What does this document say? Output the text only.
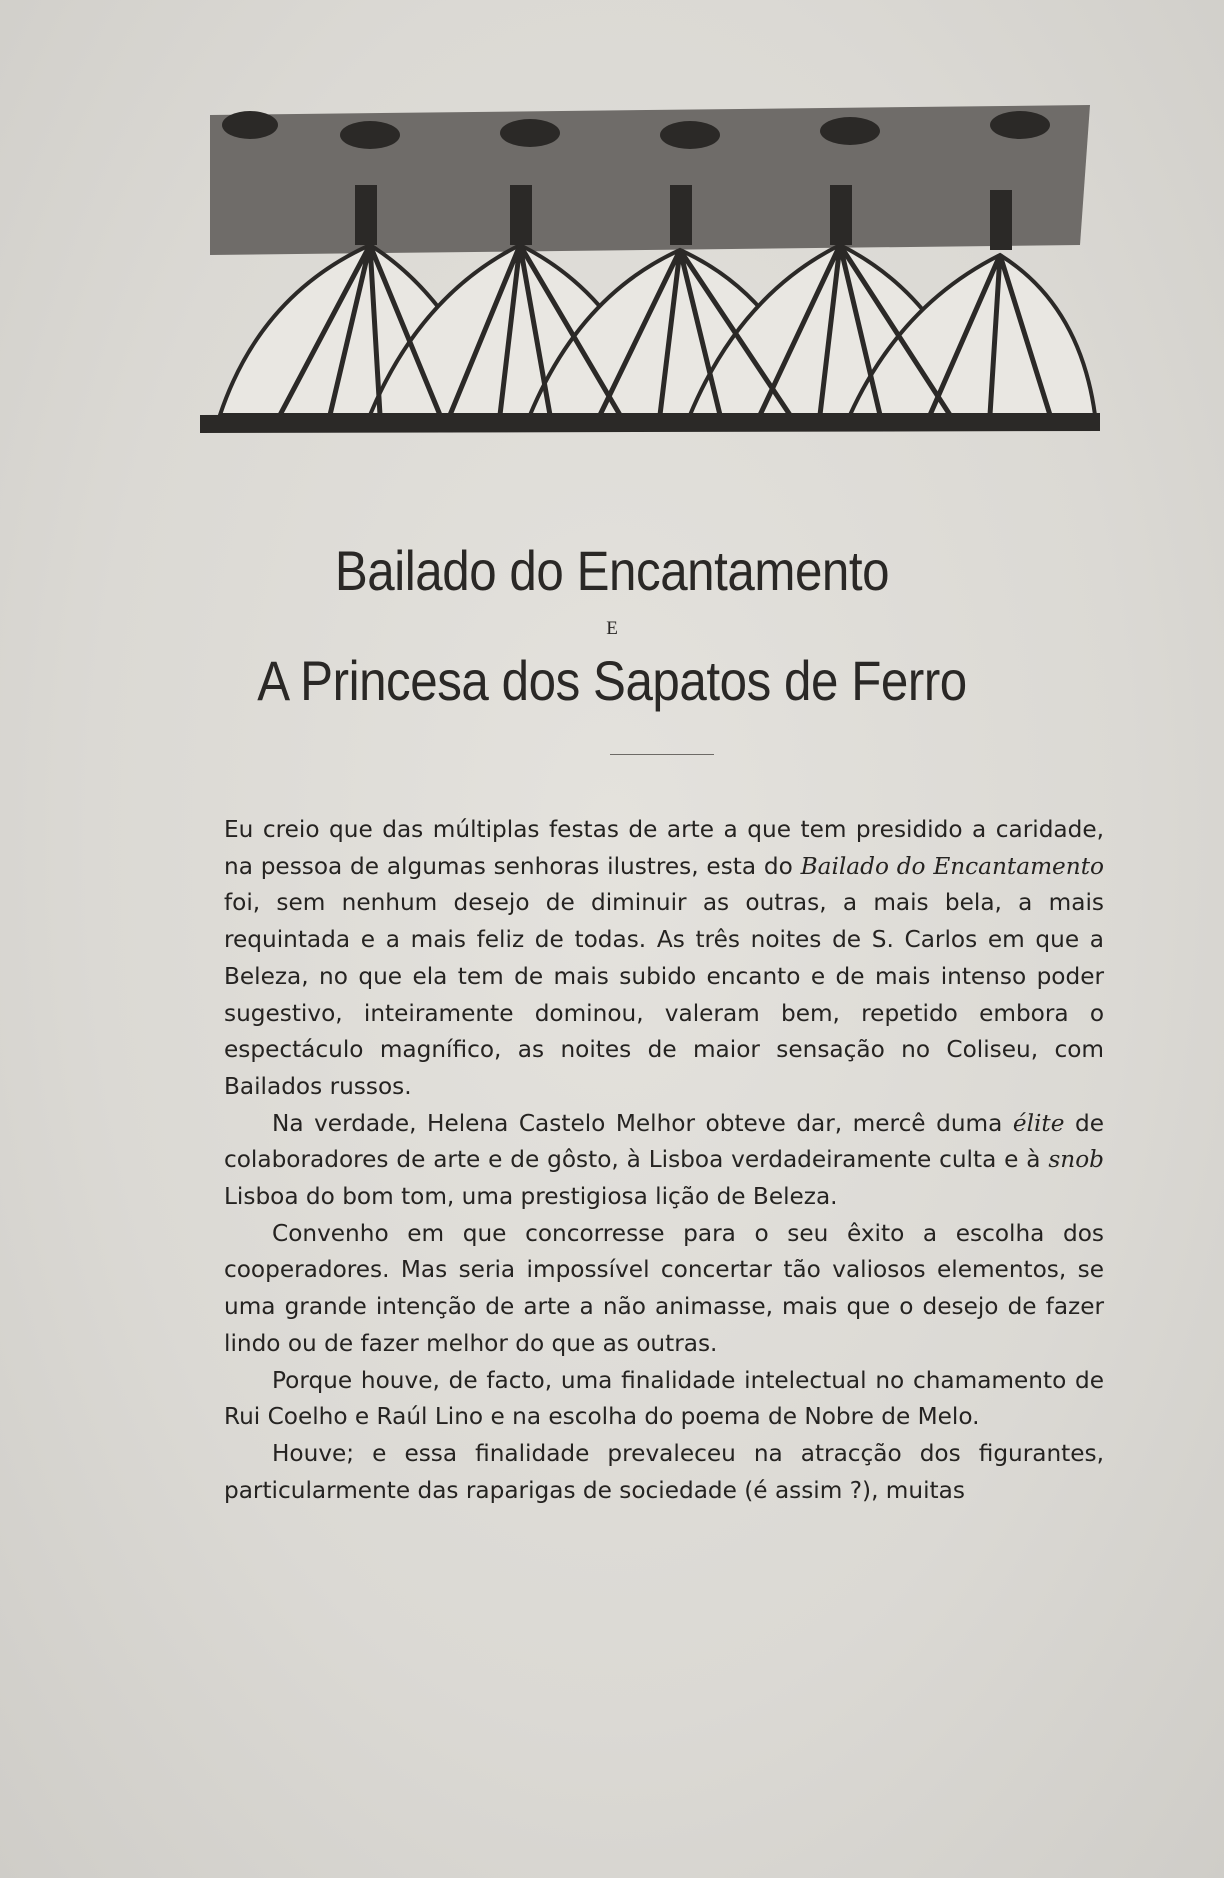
Bailado do Encantamento
E
A Princesa dos Sapatos de Ferro

Eu creio que das múltiplas festas de arte a que tem presidido a caridade, na pessoa de algumas senhoras ilustres, esta do Bailado do Encantamento foi, sem nenhum desejo de diminuir as outras, a mais bela, a mais requintada e a mais feliz de todas. As três noites de S. Carlos em que a Beleza, no que ela tem de mais subido encanto e de mais intenso poder sugestivo, inteiramente dominou, valeram bem, repetido embora o espectáculo magnífico, as noites de maior sensação no Coliseu, com Bailados russos.

Na verdade, Helena Castelo Melhor obteve dar, mercê duma élite de colaboradores de arte e de gôsto, à Lisboa verdadeiramente culta e à snob Lisboa do bom tom, uma prestigiosa lição de Beleza.

Convenho em que concorresse para o seu êxito a escolha dos cooperadores. Mas seria impossível concertar tão valiosos elementos, se uma grande intenção de arte a não animasse, mais que o desejo de fazer lindo ou de fazer melhor do que as outras.

Porque houve, de facto, uma finalidade intelectual no chamamento de Rui Coelho e Raúl Lino e na escolha do poema de Nobre de Melo.

Houve; e essa finalidade prevaleceu na atracção dos figurantes, particularmente das raparigas de sociedade (é assim ?), muitas
